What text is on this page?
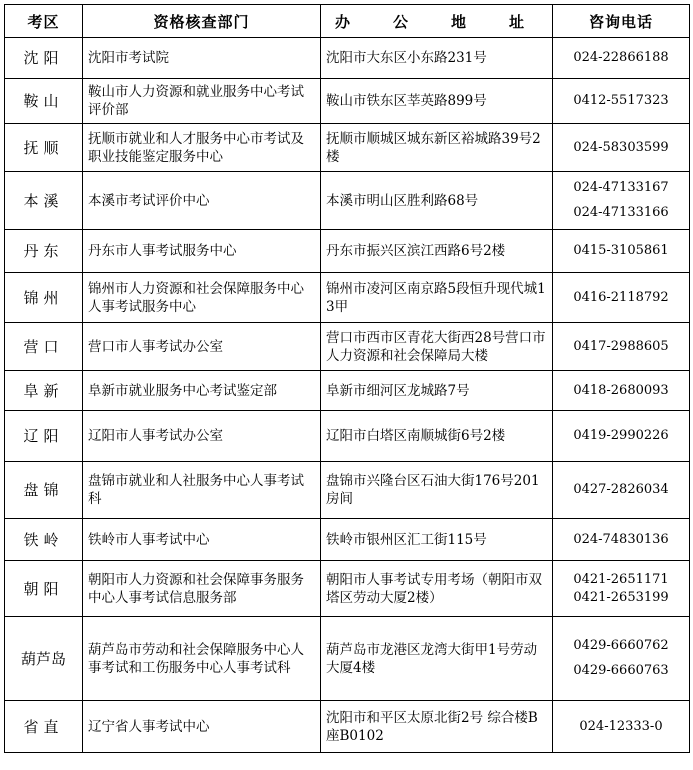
考区	资格核查部门	办　公　地　址	咨询电话
沈阳	沈阳市考试院	沈阳市大东区小东路231号	024-22866188

鞍山	鞍山市人力资源和就业服务中心考试评价部	鞍山市铁东区莘英路899号	0412-5517323

抚顺	抚顺市就业和人才服务中心市考试及职业技能鉴定服务中心	抚顺市顺城区城东新区裕城路39号2楼	024-58303599

本溪	本溪市考试评价中心	本溪市明山区胜利路68号	024-47133167
024-47133166

丹东	丹东市人事考试服务中心	丹东市振兴区滨江西路6号2楼	0415-3105861

锦州	锦州市人力资源和社会保障服务中心人事考试服务中心	锦州市凌河区南京路5段恒升现代城13甲	0416-2118792

营口	营口市人事考试办公室	营口市西市区青花大街西28号营口市人力资源和社会保障局大楼	0417-2988605

阜新	阜新市就业服务中心考试鉴定部	阜新市细河区龙城路7号	0418-2680093

辽阳	辽阳市人事考试办公室	辽阳市白塔区南顺城街6号2楼	0419-2990226

盘锦	盘锦市就业和人社服务中心人事考试科	盘锦市兴隆台区石油大街176号201房间	0427-2826034

铁岭	铁岭市人事考试中心	铁岭市银州区汇工街115号	024-74830136

朝阳	朝阳市人力资源和社会保障事务服务中心人事考试信息服务部	朝阳市人事考试专用考场（朝阳市双塔区劳动大厦2楼）	0421-2651171
0421-2653199

葫芦岛	葫芦岛市劳动和社会保障服务中心人事考试和工伤服务中心人事考试科	葫芦岛市龙港区龙湾大街甲1号劳动大厦4楼	0429-6660762
0429-6660763

省直	辽宁省人事考试中心	沈阳市和平区太原北街2号 综合楼B座B0102	024-12333-0
